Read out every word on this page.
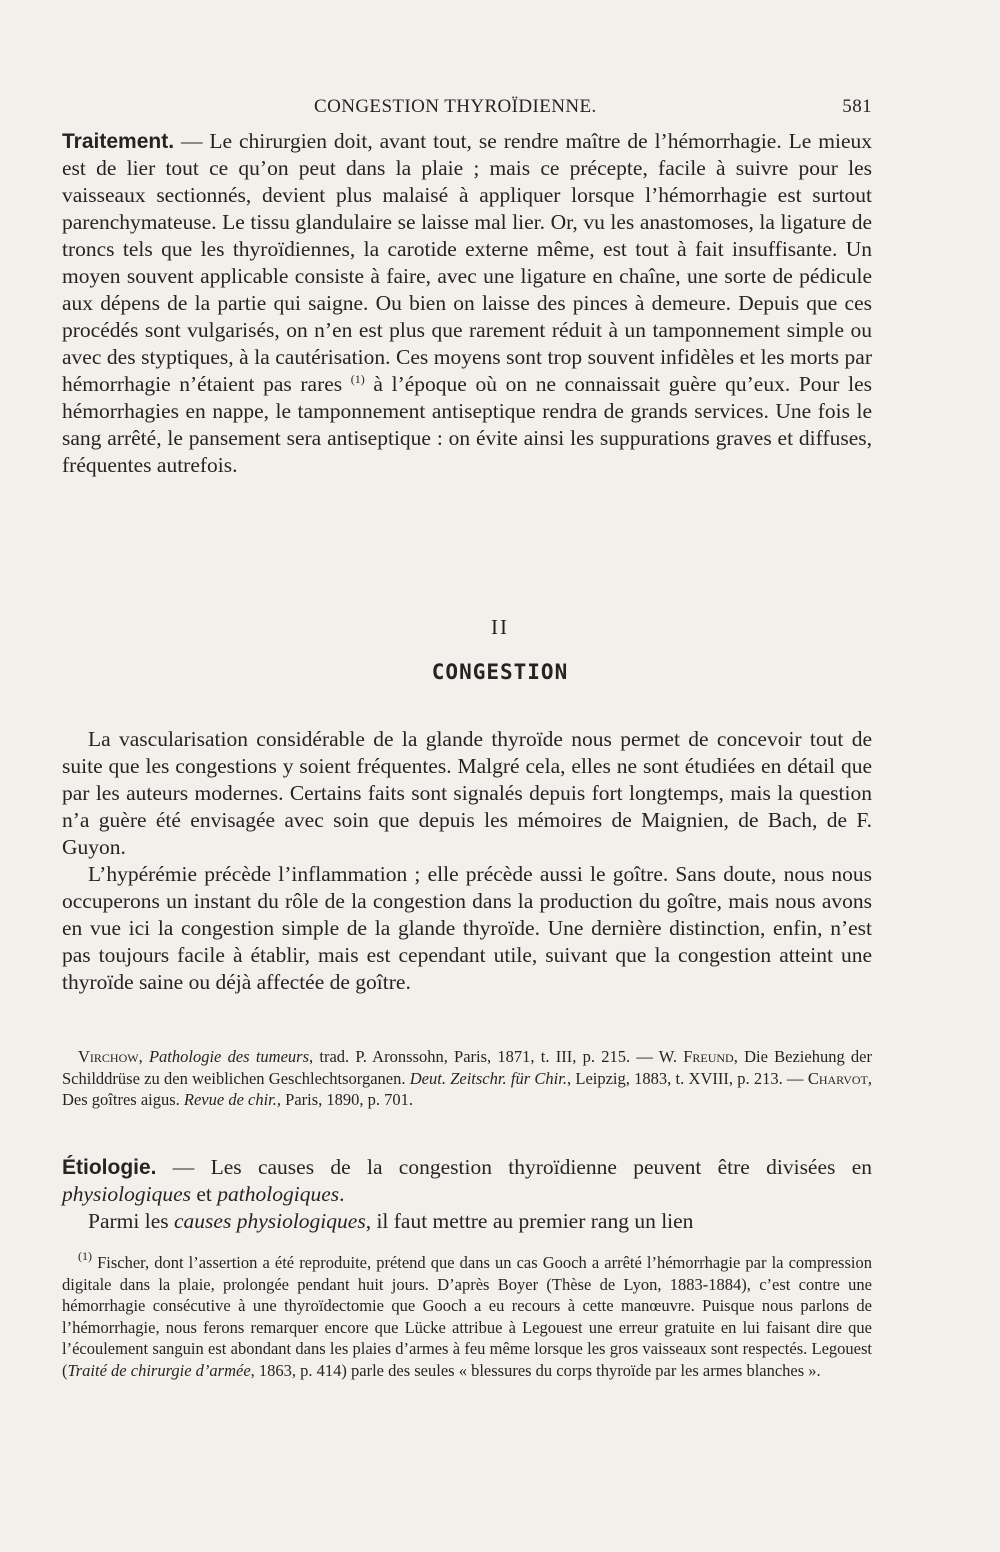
CONGESTION THYROÏDIENNE.	581

Traitement. — Le chirurgien doit, avant tout, se rendre maître de l’hémorrhagie. Le mieux est de lier tout ce qu’on peut dans la plaie ; mais ce précepte, facile à suivre pour les vaisseaux sectionnés, devient plus malaisé à appliquer lorsque l’hémorrhagie est surtout parenchymateuse. Le tissu glandulaire se laisse mal lier. Or, vu les anastomoses, la ligature de troncs tels que les thyroïdiennes, la carotide externe même, est tout à fait insuffisante. Un moyen souvent applicable consiste à faire, avec une ligature en chaîne, une sorte de pédicule aux dépens de la partie qui saigne. Ou bien on laisse des pinces à demeure. Depuis que ces procédés sont vulgarisés, on n’en est plus que rarement réduit à un tamponnement simple ou avec des styptiques, à la cautérisation. Ces moyens sont trop souvent infidèles et les morts par hémorrhagie n’étaient pas rares $^{(1)}$ à l’époque où on ne connaissait guère qu’eux. Pour les hémorrhagies en nappe, le tamponnement antiseptique rendra de grands services. Une fois le sang arrêté, le pansement sera antiseptique : on évite ainsi les suppurations graves et diffuses, fréquentes autrefois.

II
CONGESTION

La vascularisation considérable de la glande thyroïde nous permet de concevoir tout de suite que les congestions y soient fréquentes. Malgré cela, elles ne sont étudiées en détail que par les auteurs modernes. Certains faits sont signalés depuis fort longtemps, mais la question n’a guère été envisagée avec soin que depuis les mémoires de Maignien, de Bach, de F. Guyon.

L’hypérémie précède l’inflammation ; elle précède aussi le goître. Sans doute, nous nous occuperons un instant du rôle de la congestion dans la production du goître, mais nous avons en vue ici la congestion simple de la glande thyroïde. Une dernière distinction, enfin, n’est pas toujours facile à établir, mais est cependant utile, suivant que la congestion atteint une thyroïde saine ou déjà affectée de goître.

Virchow, Pathologie des tumeurs, trad. P. Aronssohn, Paris, 1871, t. III, p. 215. — W. Freund, Die Beziehung der Schilddrüse zu den weiblichen Geschlechtsorganen. Deut. Zeitschr. für Chir., Leipzig, 1883, t. XVIII, p. 213. — Charvot, Des goîtres aigus. Revue de chir., Paris, 1890, p. 701.

Étiologie. — Les causes de la congestion thyroïdienne peuvent être divisées en physiologiques et pathologiques.

Parmi les causes physiologiques, il faut mettre au premier rang un lien

$^{(1)}$ Fischer, dont l’assertion a été reproduite, prétend que dans un cas Gooch a arrêté l’hémorrhagie par la compression digitale dans la plaie, prolongée pendant huit jours. D’après Boyer (Thèse de Lyon, 1883-1884), c’est contre une hémorrhagie consécutive à une thyroïdectomie que Gooch a eu recours à cette manœuvre. Puisque nous parlons de l’hémorrhagie, nous ferons remarquer encore que Lücke attribue à Legouest une erreur gratuite en lui faisant dire que l’écoulement sanguin est abondant dans les plaies d’armes à feu même lorsque les gros vaisseaux sont respectés. Legouest (Traité de chirurgie d’armée, 1863, p. 414) parle des seules « blessures du corps thyroïde par les armes blanches ».
